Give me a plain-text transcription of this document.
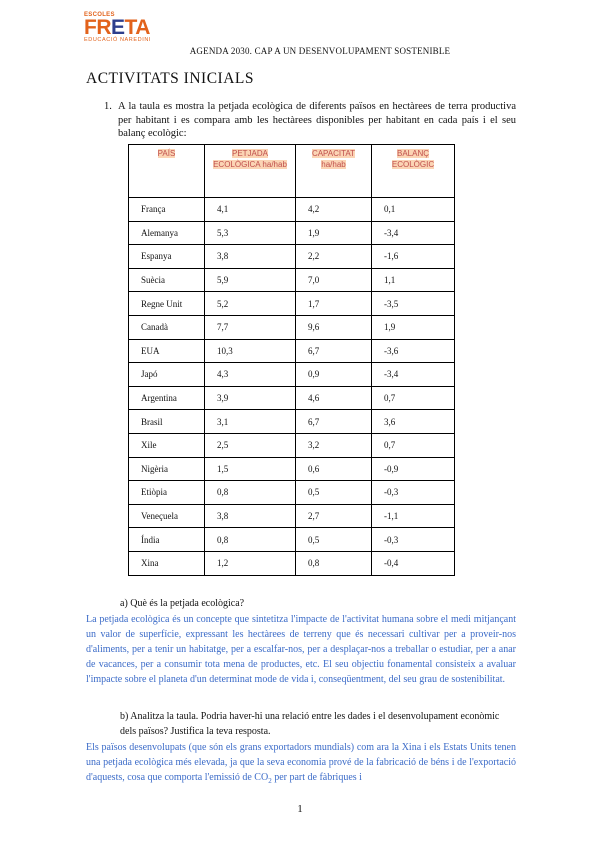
ESCOLES
FRETA
EDUCACIÓ NAREDINI
AGENDA 2030. CAP A UN DESENVOLUPAMENT SOSTENIBLE
ACTIVITATS INICIALS
1. A la taula es mostra la petjada ecològica de diferents països en hectàrees de terra productiva per habitant i es compara amb les hectàrees disponibles per habitant en cada país i el seu balanç ecològic:
PAÍS	PETJADA ECOLÒGICA ha/hab	CAPACITAT ha/hab	BALANÇ ECOLÒGIC
França	4,1	4,2	0,1
Alemanya	5,3	1,9	-3,4
Espanya	3,8	2,2	-1,6
Suècia	5,9	7,0	1,1
Regne Unit	5,2	1,7	-3,5
Canadà	7,7	9,6	1,9
EUA	10,3	6,7	-3,6
Japó	4,3	0,9	-3,4
Argentina	3,9	4,6	0,7
Brasil	3,1	6,7	3,6
Xile	2,5	3,2	0,7
Nigèria	1,5	0,6	-0,9
Etiòpia	0,8	0,5	-0,3
Veneçuela	3,8	2,7	-1,1
Índia	0,8	0,5	-0,3
Xina	1,2	0,8	-0,4
a) Què és la petjada ecològica?
La petjada ecològica és un concepte que sintetitza l'impacte de l'activitat humana sobre el medi mitjançant un valor de superfície, expressant les hectàrees de terreny que és necessari cultivar per a proveir-nos d'aliments, per a tenir un habitatge, per a escalfar-nos, per a desplaçar-nos a treballar o estudiar, per a anar de vacances, per a consumir tota mena de productes, etc. El seu objectiu fonamental consisteix a avaluar l'impacte sobre el planeta d'un determinat mode de vida i, conseqüentment, del seu grau de sostenibilitat.
b) Analitza la taula. Podria haver-hi una relació entre les dades i el desenvolupament econòmic dels països? Justifica la teva resposta.
Els països desenvolupats (que són els grans exportadors mundials) com ara la Xina i els Estats Units tenen una petjada ecològica més elevada, ja que la seva economia prové de la fabricació de béns i de l'exportació d'aquests, cosa que comporta l'emissió de $CO_2$ per part de fàbriques i
1
